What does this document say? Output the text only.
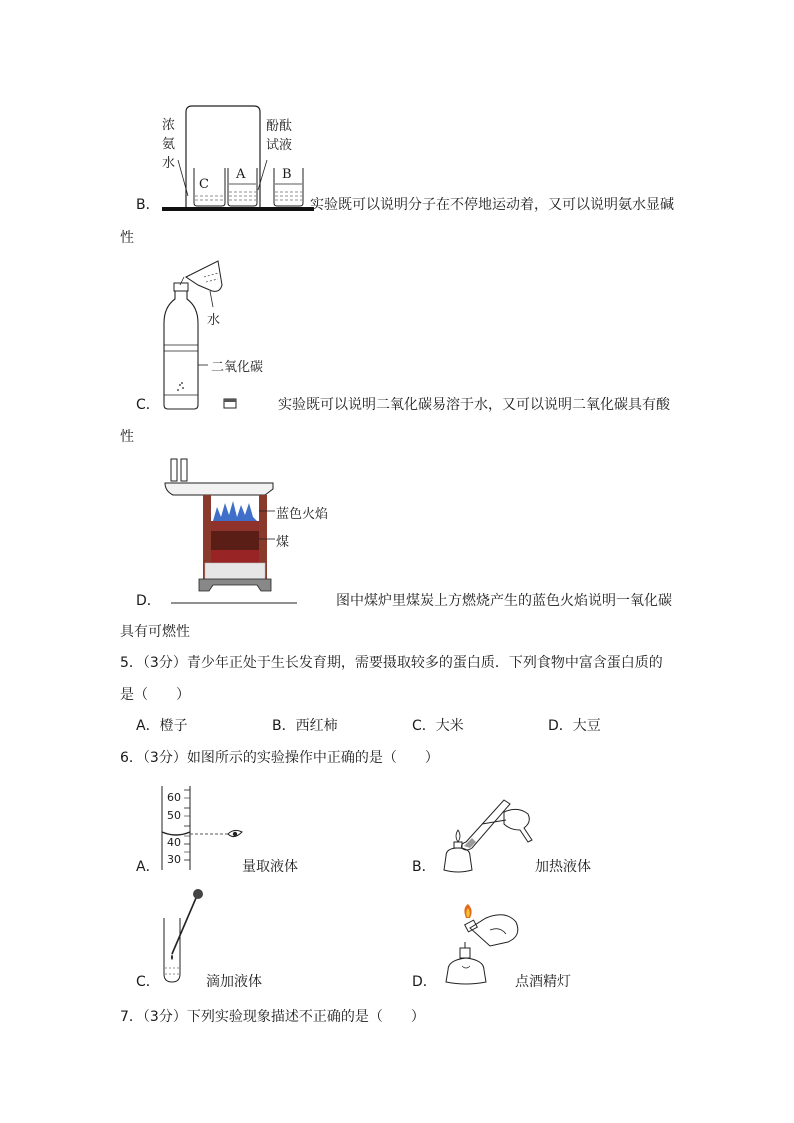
C
A	B
浓
氨
水
酚酞
试液
B．	实验既可以说明分子在不停地运动着，又可以说明氨水显碱
性
水
二氧化碳
C．	实验既可以说明二氧化碳易溶于水，又可以说明二氧化碳具有酸
性
蓝色火焰
煤
D．	图中煤炉里煤炭上方燃烧产生的蓝色火焰说明一氧化碳
具有可燃性
5．（3分）青少年正处于生长发育期，需要摄取较多的蛋白质．下列食物中富含蛋白质的
是（　　）
A．橙子	B．西红柿	C．大米	D．大豆
6．（3分）如图所示的实验操作中正确的是（　　）
60
50
40
30
A．	量取液体	B．	加热液体
C．	滴加液体	D．	点酒精灯
7．（3分）下列实验现象描述不正确的是（　　）
